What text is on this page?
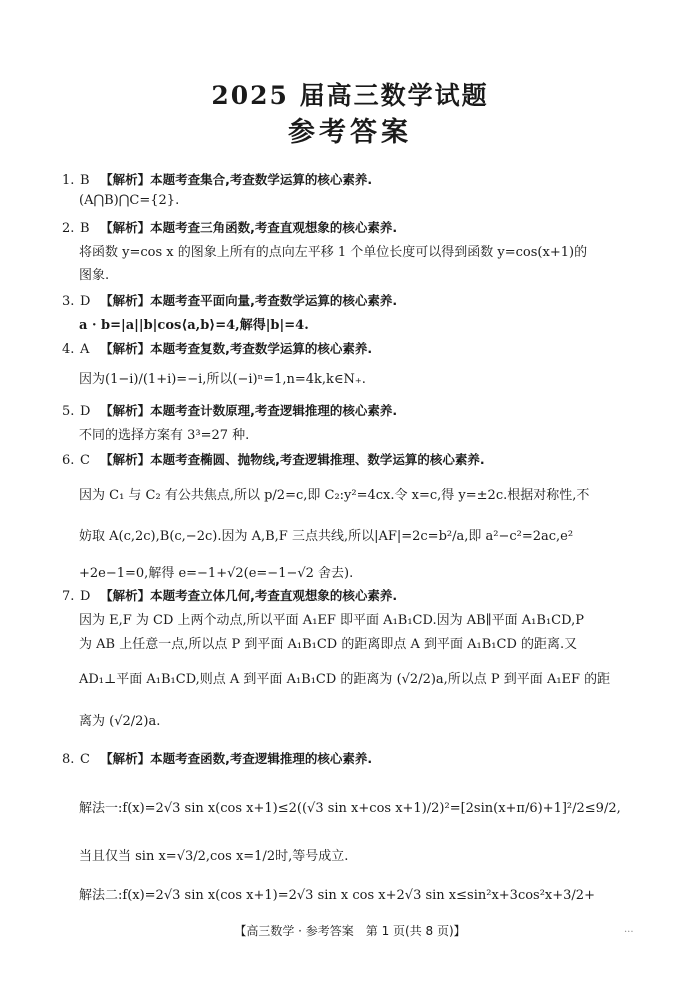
2025 届高三数学试题
参考答案
1. B 【解析】本题考查集合,考查数学运算的核心素养.
(A⋂B)⋂C={2}.
2. B 【解析】本题考查三角函数,考查直观想象的核心素养.
将函数 y=cos x 的图象上所有的点向左平移 1 个单位长度可以得到函数 y=cos(x+1)的
图象.
3. D 【解析】本题考查平面向量,考查数学运算的核心素养.
a · b=|a||b|cos⟨a,b⟩=4,解得|b|=4.
4. A 【解析】本题考查复数,考查数学运算的核心素养.
因为(1−i)/(1+i)=−i,所以(−i)ⁿ=1,n=4k,k∈N₊.
5. D 【解析】本题考查计数原理,考查逻辑推理的核心素养.
不同的选择方案有 3³=27 种.
6. C 【解析】本题考查椭圆、抛物线,考查逻辑推理、数学运算的核心素养.
因为 C₁ 与 C₂ 有公共焦点,所以 p/2=c,即 C₂:y²=4cx.令 x=c,得 y=±2c.根据对称性,不
妨取 A(c,2c),B(c,−2c).因为 A,B,F 三点共线,所以|AF|=2c=b²/a,即 a²−c²=2ac,e²
+2e−1=0,解得 e=−1+√2(e=−1−√2 舍去).
7. D 【解析】本题考查立体几何,考查直观想象的核心素养.
因为 E,F 为 CD 上两个动点,所以平面 A₁EF 即平面 A₁B₁CD.因为 AB∥平面 A₁B₁CD,P
为 AB 上任意一点,所以点 P 到平面 A₁B₁CD 的距离即点 A 到平面 A₁B₁CD 的距离.又
AD₁⊥平面 A₁B₁CD,则点 A 到平面 A₁B₁CD 的距离为 (√2/2)a,所以点 P 到平面 A₁EF 的距
离为 (√2/2)a.
8. C 【解析】本题考查函数,考查逻辑推理的核心素养.
解法一:f(x)=2√3 sin x(cos x+1)≤2((√3 sin x+cos x+1)/2)²=[2sin(x+π/6)+1]²/2≤9/2,
当且仅当 sin x=√3/2,cos x=1/2时,等号成立.
解法二:f(x)=2√3 sin x(cos x+1)=2√3 sin x cos x+2√3 sin x≤sin²x+3cos²x+3/2+
【高三数学 · 参考答案　第 1 页(共 8 页)】	...
